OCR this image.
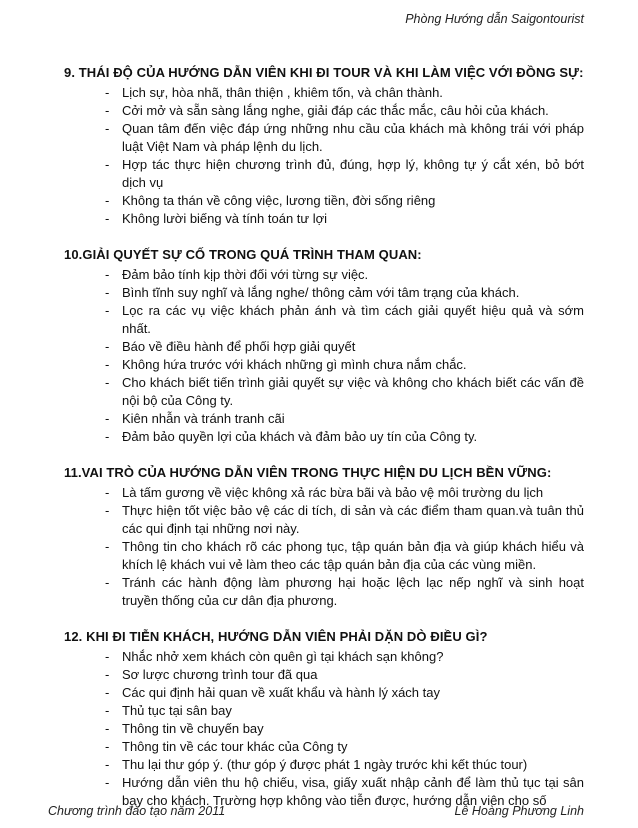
Phòng Hướng dẫn Saigontourist
9. THÁI ĐỘ CỦA HƯỚNG DẪN VIÊN KHI ĐI TOUR VÀ KHI LÀM VIỆC VỚI ĐỒNG SỰ:
- Lịch sự, hòa nhã, thân thiện , khiêm tốn, và chân thành.
- Cởi mở và sẵn sàng lắng nghe, giải đáp các thắc mắc, câu hỏi của khách.
- Quan tâm đến việc đáp ứng những nhu cầu của khách mà không trái với pháp luật Việt Nam và pháp lệnh du lịch.
- Hợp tác thực hiện chương trình đủ, đúng, hợp lý, không tự ý cắt xén, bỏ bớt dịch vụ
- Không ta thán về công việc, lương tiền, đời sống riêng
- Không lười biếng và tính toán tư lợi
10.GIẢI QUYẾT SỰ CỐ TRONG QUÁ TRÌNH THAM QUAN:
- Đảm bảo tính kịp thời đối với từng sự việc.
- Bình tĩnh suy nghĩ và lắng nghe/ thông cảm với tâm trạng của khách.
- Lọc ra các vụ việc khách phản ánh và tìm cách giải quyết hiệu quả và sớm nhất.
- Báo về điều hành để phối hợp giải quyết
- Không hứa trước với khách những gì mình chưa nắm chắc.
- Cho khách biết tiến trình giải quyết sự việc và không cho khách biết các vấn đề nội bộ của Công ty.
- Kiên nhẫn và tránh tranh cãi
- Đảm bảo quyền lợi của khách và đảm bảo uy tín của Công ty.
11.VAI TRÒ CỦA HƯỚNG DẪN VIÊN TRONG THỰC HIỆN DU LỊCH BỀN VỮNG:
- Là tấm gương về việc không xả rác bừa bãi và bảo vệ môi trường du lịch
- Thực hiện tốt việc bảo vệ các di tích, di sản và các điểm tham quan.và tuân thủ các qui định tại những nơi này.
- Thông tin cho khách rõ các phong tục, tập quán bản địa và giúp khách hiểu và khích lệ khách vui vẻ làm theo các tập quán bản địa của các vùng miền.
- Tránh các hành động làm phương hại hoặc lệch lạc nếp nghĩ và sinh hoạt truyền thống của cư dân địa phương.
12. KHI ĐI TIỄN KHÁCH, HƯỚNG DẪN VIÊN PHẢI DẶN DÒ ĐIỀU GÌ?
- Nhắc nhở xem khách còn quên gì tại khách sạn không?
- Sơ lược chương trình tour đã qua
- Các qui định hải quan về xuất khẩu và hành lý xách tay
- Thủ tục tại sân bay
- Thông tin về chuyến bay
- Thông tin về các tour khác của Công ty
- Thu lại thư góp ý. (thư góp ý được phát 1 ngày trước khi kết thúc tour)
- Hướng dẫn viên thu hộ chiếu, visa, giấy xuất nhập cảnh để làm thủ tục tại sân bay cho khách. Trường hợp không vào tiễn được, hướng dẫn viên cho số
Chương trình đào tạo năm 2011	Lê Hoàng Phương Linh
